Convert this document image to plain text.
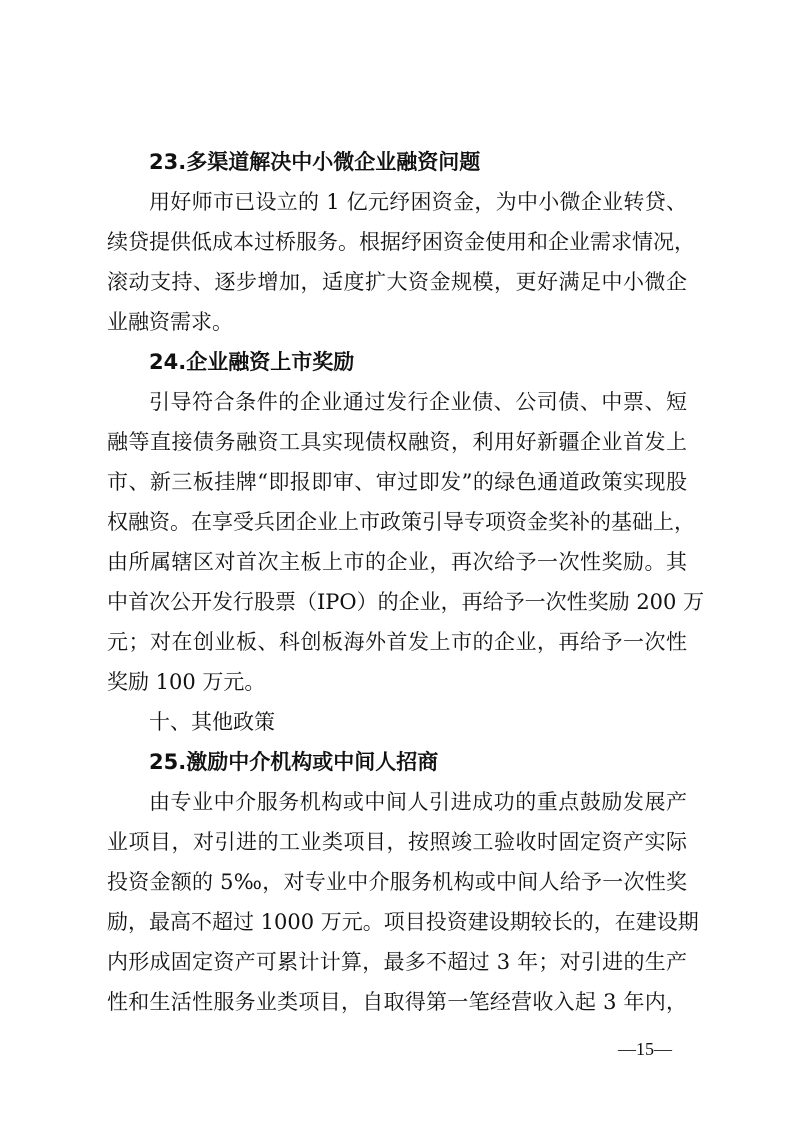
23.多渠道解决中小微企业融资问题
用好师市已设立的 1 亿元纾困资金，为中小微企业转贷、
续贷提供低成本过桥服务。根据纾困资金使用和企业需求情况，
滚动支持、逐步增加，适度扩大资金规模，更好满足中小微企
业融资需求。
24.企业融资上市奖励
引导符合条件的企业通过发行企业债、公司债、中票、短
融等直接债务融资工具实现债权融资，利用好新疆企业首发上
市、新三板挂牌“即报即审、审过即发”的绿色通道政策实现股
权融资。在享受兵团企业上市政策引导专项资金奖补的基础上，
由所属辖区对首次主板上市的企业，再次给予一次性奖励。其
中首次公开发行股票（IPO）的企业，再给予一次性奖励 200 万
元；对在创业板、科创板海外首发上市的企业，再给予一次性
奖励 100 万元。
十、其他政策
25.激励中介机构或中间人招商
由专业中介服务机构或中间人引进成功的重点鼓励发展产
业项目，对引进的工业类项目，按照竣工验收时固定资产实际
投资金额的 5‰，对专业中介服务机构或中间人给予一次性奖
励，最高不超过 1000 万元。项目投资建设期较长的，在建设期
内形成固定资产可累计计算，最多不超过 3 年；对引进的生产
性和生活性服务业类项目，自取得第一笔经营收入起 3 年内，
—15—
